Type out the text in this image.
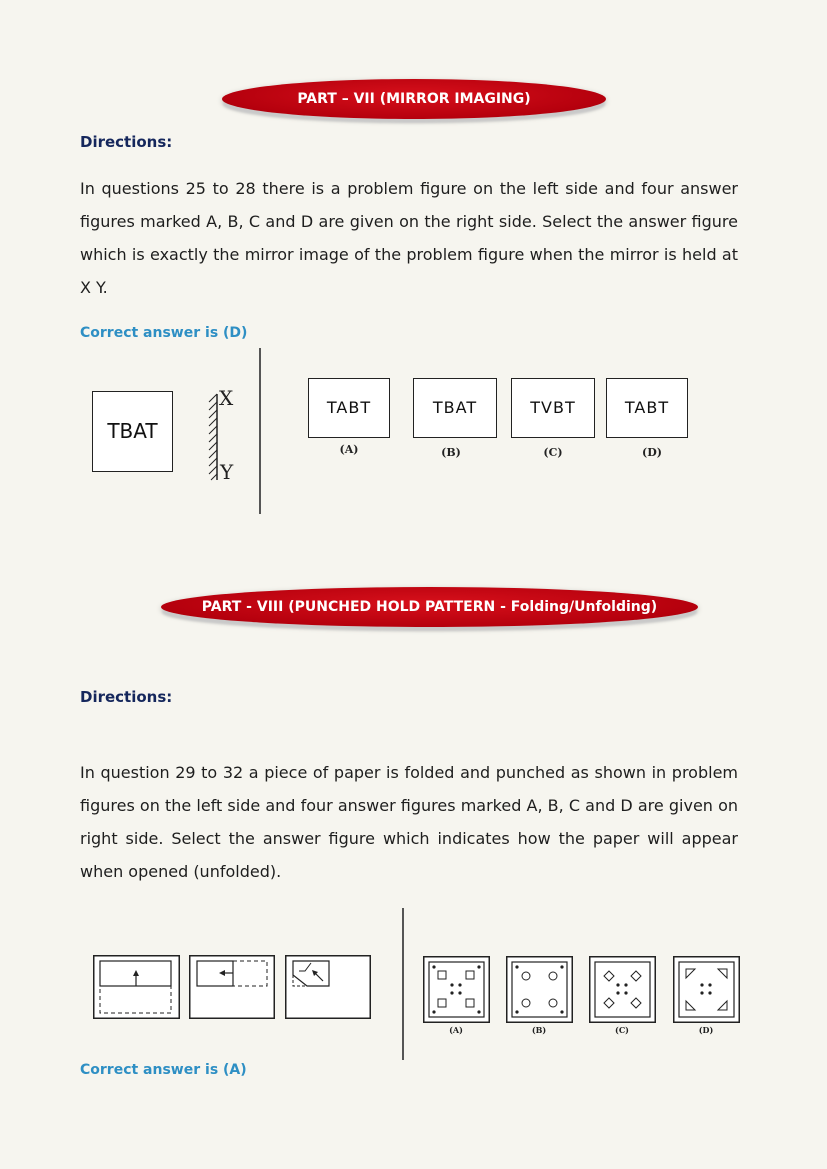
PART – VII (MIRROR IMAGING)
Directions:
In questions 25 to 28 there is a problem figure on the left side and four answer figures marked A, B, C and D are given on the right side. Select the answer figure which is exactly the mirror image of the problem figure when the mirror is held at X Y.
Correct answer is (D)
TBAT
X
Y
TABT
(A)
TBAT
(B)
TVBT
(C)
TABT
(D)
PART - VIII (PUNCHED HOLD PATTERN - Folding/Unfolding)
Directions:
In question 29 to 32 a piece of paper is folded and punched as shown in problem figures on the left side and four answer figures marked A, B, C and D are given on right side. Select the answer figure which indicates how the paper will appear when opened (unfolded).
(A)	(B)	(C)	(D)
Correct answer is (A)
